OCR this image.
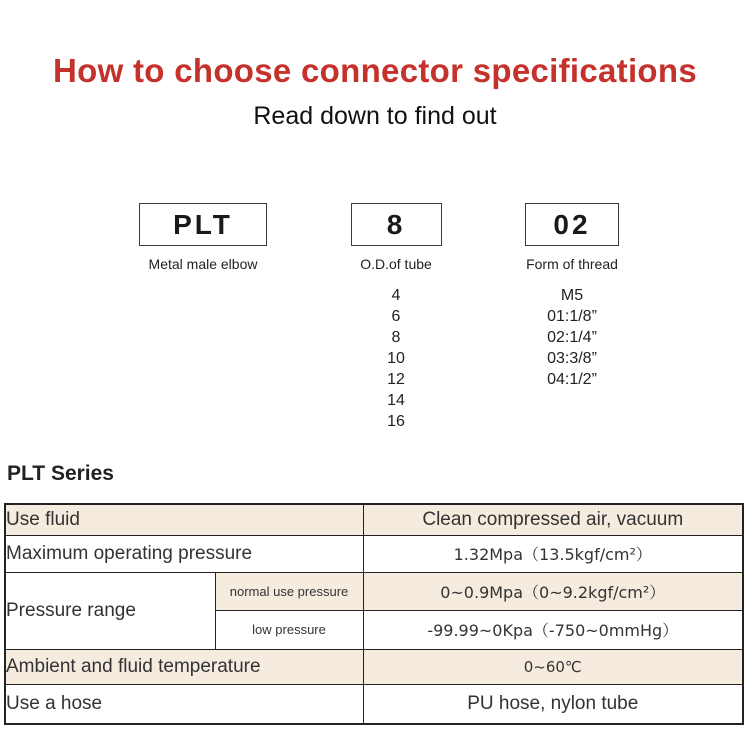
How to choose connector specifications
Read down to find out
PLT
Metal male elbow
8
O.D.of tube
4
6
8
10
12
14
16
02
Form of thread
M5
01:1/8”
02:1/4”
03:3/8”
04:1/2”
PLT Series
Use fluid		Clean compressed air, vacuum
Maximum operating pressure		1.32Mpa（13.5kgf/cm²）
Pressure range	normal use pressure	0~0.9Mpa（0~9.2kgf/cm²）
	low pressure	-99.99~0Kpa（-750~0mmHg）
Ambient and fluid temperature		0~60℃
Use a hose		PU hose, nylon tube
